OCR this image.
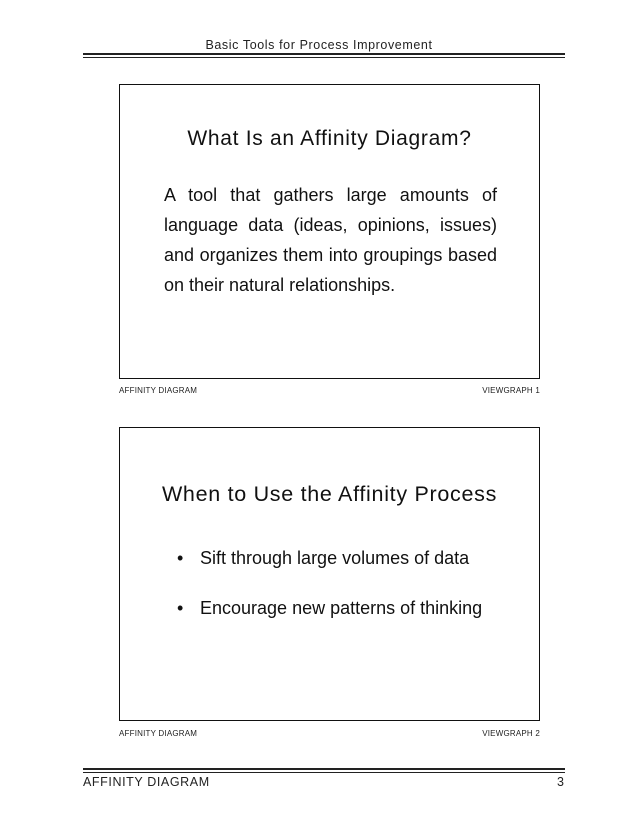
Basic Tools for Process Improvement
What Is an Affinity Diagram?
A tool that gathers large amounts of language data (ideas, opinions, issues) and organizes them into groupings based on their natural relationships.
AFFINITY DIAGRAM	VIEWGRAPH 1
When to Use the Affinity Process
• Sift through large volumes of data
• Encourage new patterns of thinking
AFFINITY DIAGRAM	VIEWGRAPH 2
AFFINITY DIAGRAM	3
